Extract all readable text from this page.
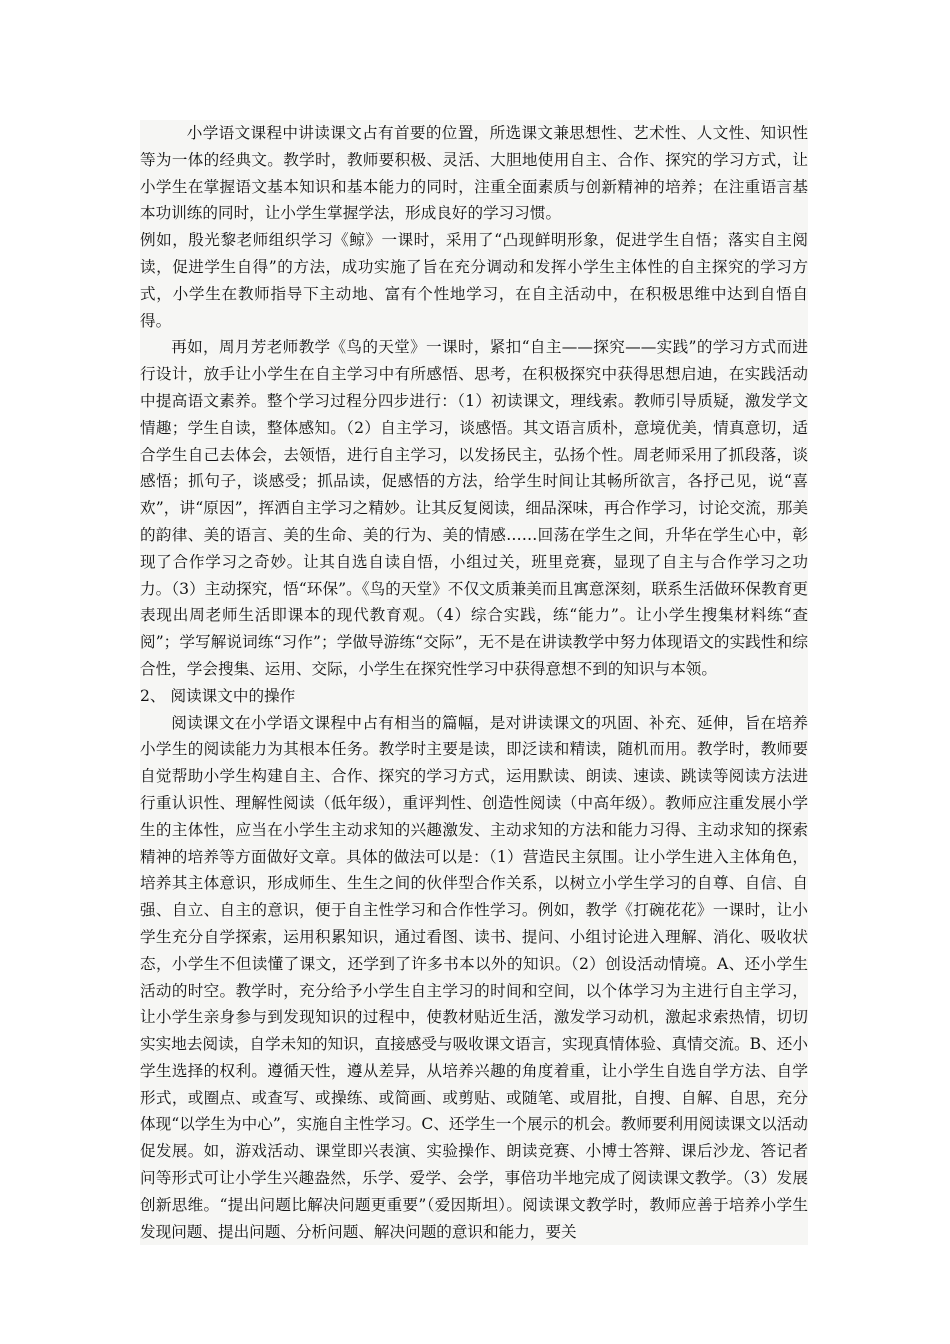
小学语文课程中讲读课文占有首要的位置，所选课文兼思想性、艺术性、人文性、知识性等为一体的经典文。教学时，教师要积极、灵活、大胆地使用自主、合作、探究的学习方式，让小学生在掌握语文基本知识和基本能力的同时，注重全面素质与创新精神的培养；在注重语言基本功训练的同时，让小学生掌握学法，形成良好的学习习惯。

例如，殷光黎老师组织学习《鲸》一课时，采用了“凸现鲜明形象，促进学生自悟；落实自主阅读，促进学生自得”的方法，成功实施了旨在充分调动和发挥小学生主体性的自主探究的学习方式，小学生在教师指导下主动地、富有个性地学习，在自主活动中，在积极思维中达到自悟自得。

再如，周月芳老师教学《鸟的天堂》一课时，紧扣“自主——探究——实践”的学习方式而进行设计，放手让小学生在自主学习中有所感悟、思考，在积极探究中获得思想启迪，在实践活动中提高语文素养。整个学习过程分四步进行：（1）初读课文，理线索。教师引导质疑，激发学文情趣；学生自读，整体感知。（2）自主学习，谈感悟。其文语言质朴，意境优美，情真意切，适合学生自己去体会，去领悟，进行自主学习，以发扬民主，弘扬个性。周老师采用了抓段落，谈感悟；抓句子，谈感受；抓品读，促感悟的方法，给学生时间让其畅所欲言，各抒己见，说“喜欢”，讲“原因”，挥洒自主学习之精妙。让其反复阅读，细品深味，再合作学习，讨论交流，那美的韵律、美的语言、美的生命、美的行为、美的情感……回荡在学生之间，升华在学生心中，彰现了合作学习之奇妙。让其自选自读自悟，小组过关，班里竞赛，显现了自主与合作学习之功力。（3）主动探究，悟“环保”。《鸟的天堂》不仅文质兼美而且寓意深刻，联系生活做环保教育更表现出周老师生活即课本的现代教育观。（4）综合实践，练“能力”。让小学生搜集材料练“查阅”；学写解说词练“习作”；学做导游练“交际”，无不是在讲读教学中努力体现语文的实践性和综合性，学会搜集、运用、交际，小学生在探究性学习中获得意想不到的知识与本领。

2、 阅读课文中的操作

阅读课文在小学语文课程中占有相当的篇幅，是对讲读课文的巩固、补充、延伸，旨在培养小学生的阅读能力为其根本任务。教学时主要是读，即泛读和精读，随机而用。教学时，教师要自觉帮助小学生构建自主、合作、探究的学习方式，运用默读、朗读、速读、跳读等阅读方法进行重认识性、理解性阅读（低年级），重评判性、创造性阅读（中高年级）。教师应注重发展小学生的主体性，应当在小学生主动求知的兴趣激发、主动求知的方法和能力习得、主动求知的探索精神的培养等方面做好文章。具体的做法可以是：（1）营造民主氛围。让小学生进入主体角色，培养其主体意识，形成师生、生生之间的伙伴型合作关系，以树立小学生学习的自尊、自信、自强、自立、自主的意识，便于自主性学习和合作性学习。例如，教学《打碗花花》一课时，让小学生充分自学探索，运用积累知识，通过看图、读书、提问、小组讨论进入理解、消化、吸收状态，小学生不但读懂了课文，还学到了许多书本以外的知识。（2）创设活动情境。A、还小学生活动的时空。教学时，充分给予小学生自主学习的时间和空间，以个体学习为主进行自主学习，让小学生亲身参与到发现知识的过程中，使教材贴近生活，激发学习动机，激起求索热情，切切实实地去阅读，自学未知的知识，直接感受与吸收课文语言，实现真情体验、真情交流。B、还小学生选择的权利。遵循天性，遵从差异，从培养兴趣的角度着重，让小学生自选自学方法、自学形式，或圈点、或查写、或操练、或简画、或剪贴、或随笔、或眉批，自搜、自解、自思，充分体现“以学生为中心”，实施自主性学习。C、还学生一个展示的机会。教师要利用阅读课文以活动促发展。如，游戏活动、课堂即兴表演、实验操作、朗读竞赛、小博士答辩、课后沙龙、答记者问等形式可让小学生兴趣盎然，乐学、爱学、会学，事倍功半地完成了阅读课文教学。（3）发展创新思维。“提出问题比解决问题更重要”（爱因斯坦）。阅读课文教学时，教师应善于培养小学生发现问题、提出问题、分析问题、解决问题的意识和能力，要关
